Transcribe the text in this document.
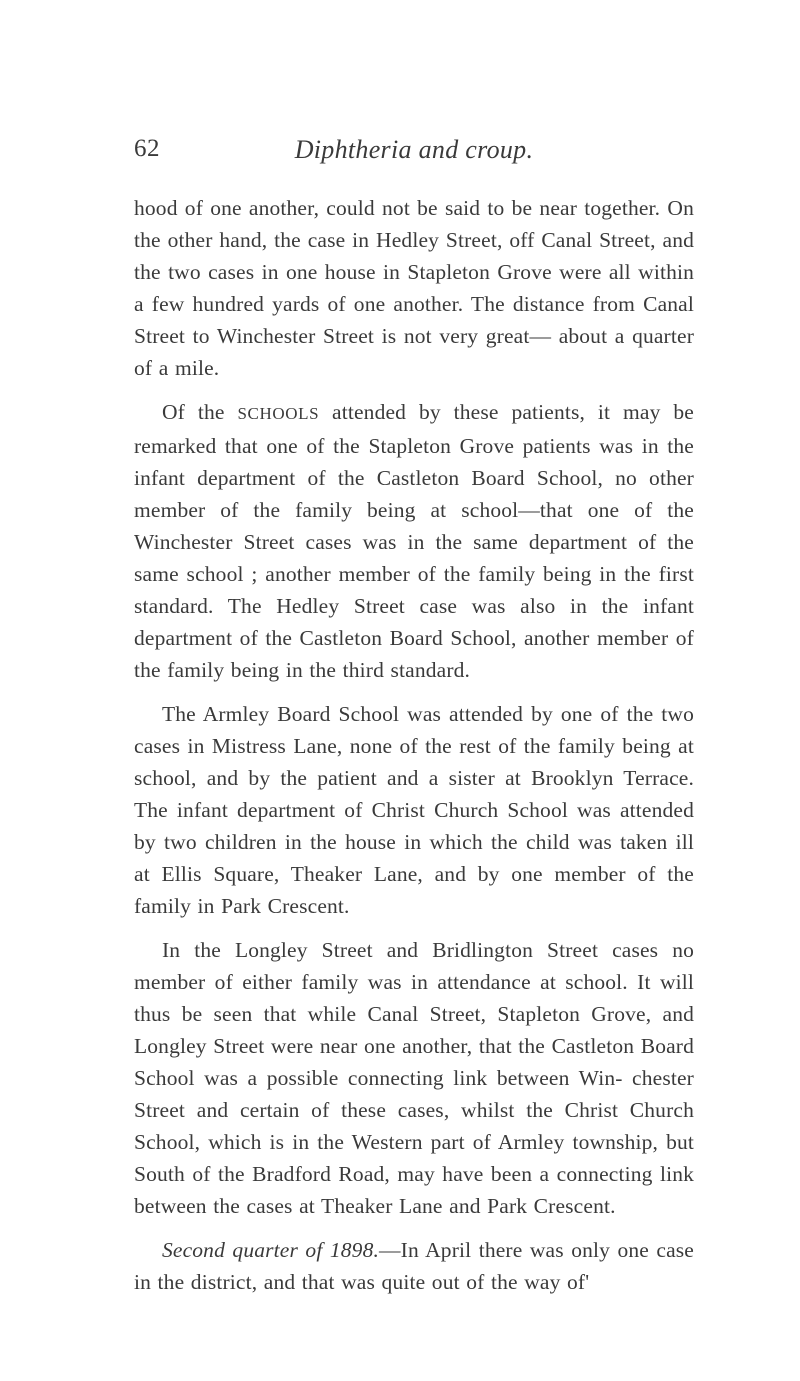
62	Diphtheria and croup.

hood of one another, could not be said to be near together. On the other hand, the case in Hedley Street, off Canal Street, and the two cases in one house in Stapleton Grove were all within a few hundred yards of one another. The distance from Canal Street to Winchester Street is not very great— about a quarter of a mile.

Of the SCHOOLS attended by these patients, it may be remarked that one of the Stapleton Grove patients was in the infant department of the Castleton Board School, no other member of the family being at school—that one of the Winchester Street cases was in the same department of the same school ; another member of the family being in the first standard. The Hedley Street case was also in the infant department of the Castleton Board School, another member of the family being in the third standard.

The Armley Board School was attended by one of the two cases in Mistress Lane, none of the rest of the family being at school, and by the patient and a sister at Brooklyn Terrace. The infant department of Christ Church School was attended by two children in the house in which the child was taken ill at Ellis Square, Theaker Lane, and by one member of the family in Park Crescent.

In the Longley Street and Bridlington Street cases no member of either family was in attendance at school. It will thus be seen that while Canal Street, Stapleton Grove, and Longley Street were near one another, that the Castleton Board School was a possible connecting link between Win- chester Street and certain of these cases, whilst the Christ Church School, which is in the Western part of Armley township, but South of the Bradford Road, may have been a connecting link between the cases at Theaker Lane and Park Crescent.

Second quarter of 1898.—In April there was only one case in the district, and that was quite out of the way of'
